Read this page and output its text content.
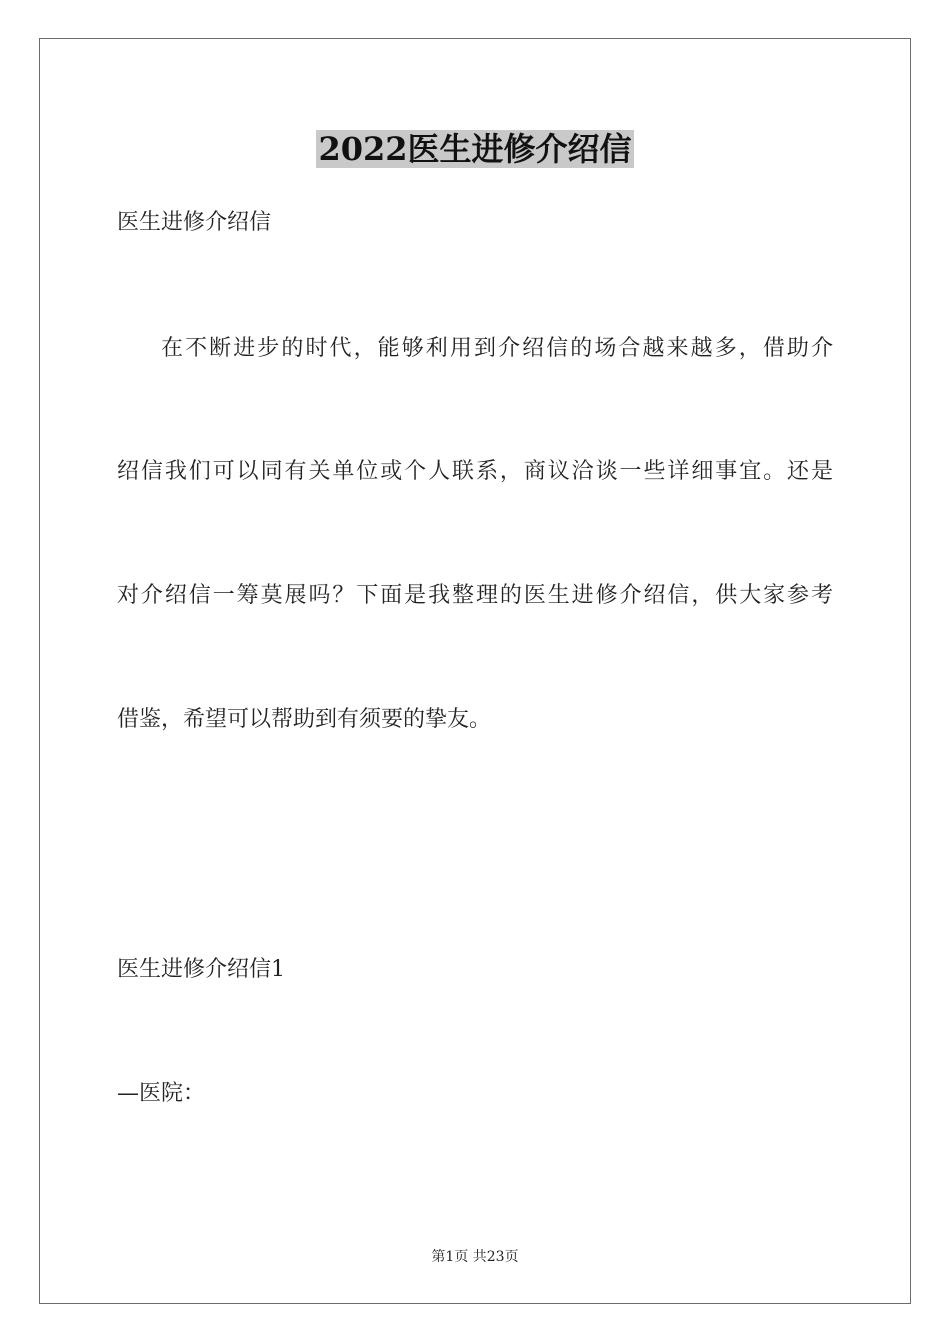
2022医生进修介绍信
医生进修介绍信
在不断进步的时代，能够利用到介绍信的场合越来越多，借助介
绍信我们可以同有关单位或个人联系，商议洽谈一些详细事宜。还是
对介绍信一筹莫展吗？下面是我整理的医生进修介绍信，供大家参考
借鉴，希望可以帮助到有须要的挚友。
医生进修介绍信1
—医院：
第1页 共23页
